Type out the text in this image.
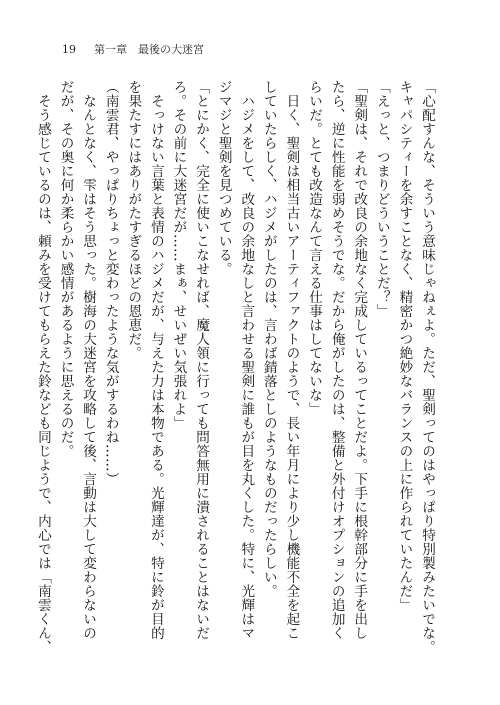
19 第一章　最後の大迷宮
「心配すんな、そういう意味じゃねぇよ。ただ、聖剣ってのはやっぱり特別製みたいでな。
キャパシティーを余すことなく、精密かつ絶妙なバランスの上に作られていたんだ」
「えっと、つまりどういうことだ？」
「聖剣は、それで改良の余地なく完成しているってことだよ。下手に根幹部分に手を出し
たら、逆に性能を弱めそうでな。だから俺がしたのは、整備と外付けオプションの追加く
らいだ。とても改造なんて言える仕事はしてないな」
　日く、聖剣は相当古いアーティファクトのようで、長い年月により少し機能不全を起こ
していたらしく、ハジメがしたのは、言わば錆落としのようなものだったらしい。
　ハジメをして、改良の余地なしと言わせる聖剣に誰もが目を丸くした。特に、光輝はマ
ジマジと聖剣を見つめている。
「とにかく、完全に使いこなせれば、魔人領に行っても問答無用に潰されることはないだ
ろ。その前に大迷宮だが……まぁ、せいぜい気張れよ」
　そっけない言葉と表情のハジメだが、与えた力は本物である。光輝達が、特に鈴が目的
を果たすにはありがたすぎるほどの恩恵だ。
（南雲君、やっぱりちょっと変わったような気がするわね……）
　なんとなく、雫はそう思った。樹海の大迷宮を攻略して後、言動は大して変わらないの
だが、その奥に何か柔らかい感情があるように思えるのだ。
　そう感じているのは、頼みを受けてもらえた鈴なども同じようで、内心では「南雲くん、
